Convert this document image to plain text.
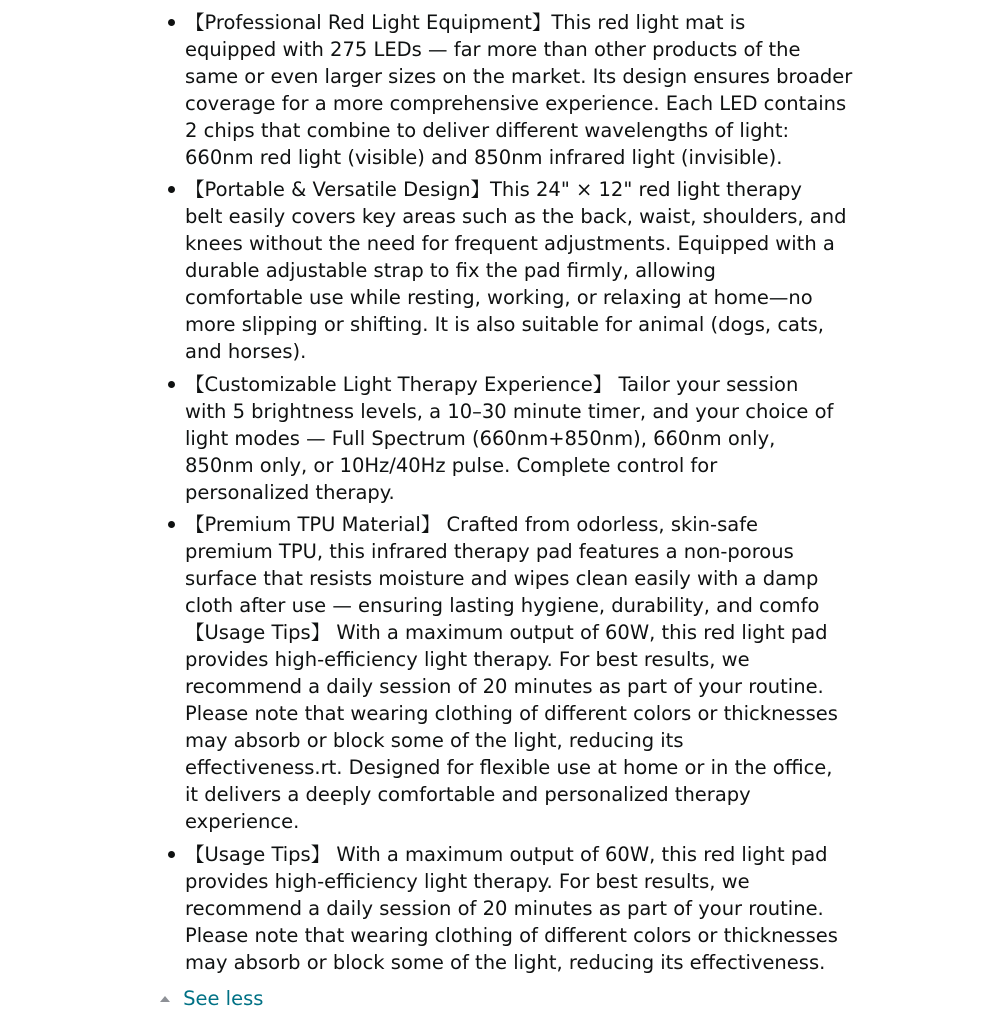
【Professional Red Light Equipment】This red light mat is
equipped with 275 LEDs — far more than other products of the
same or even larger sizes on the market. Its design ensures broader
coverage for a more comprehensive experience. Each LED contains
2 chips that combine to deliver different wavelengths of light:
660nm red light (visible) and 850nm infrared light (invisible).
【Portable & Versatile Design】This 24" × 12" red light therapy
belt easily covers key areas such as the back, waist, shoulders, and
knees without the need for frequent adjustments. Equipped with a
durable adjustable strap to fix the pad firmly, allowing
comfortable use while resting, working, or relaxing at home—no
more slipping or shifting. It is also suitable for animal (dogs, cats,
and horses).
【Customizable Light Therapy Experience】 Tailor your session
with 5 brightness levels, a 10–30 minute timer, and your choice of
light modes — Full Spectrum (660nm+850nm), 660nm only,
850nm only, or 10Hz/40Hz pulse. Complete control for
personalized therapy.
【Premium TPU Material】 Crafted from odorless, skin-safe
premium TPU, this infrared therapy pad features a non-porous
surface that resists moisture and wipes clean easily with a damp
cloth after use — ensuring lasting hygiene, durability, and comfo
【Usage Tips】 With a maximum output of 60W, this red light pad
provides high-efficiency light therapy. For best results, we
recommend a daily session of 20 minutes as part of your routine.
Please note that wearing clothing of different colors or thicknesses
may absorb or block some of the light, reducing its
effectiveness.rt. Designed for flexible use at home or in the office,
it delivers a deeply comfortable and personalized therapy
experience.
【Usage Tips】 With a maximum output of 60W, this red light pad
provides high-efficiency light therapy. For best results, we
recommend a daily session of 20 minutes as part of your routine.
Please note that wearing clothing of different colors or thicknesses
may absorb or block some of the light, reducing its effectiveness.
See less
